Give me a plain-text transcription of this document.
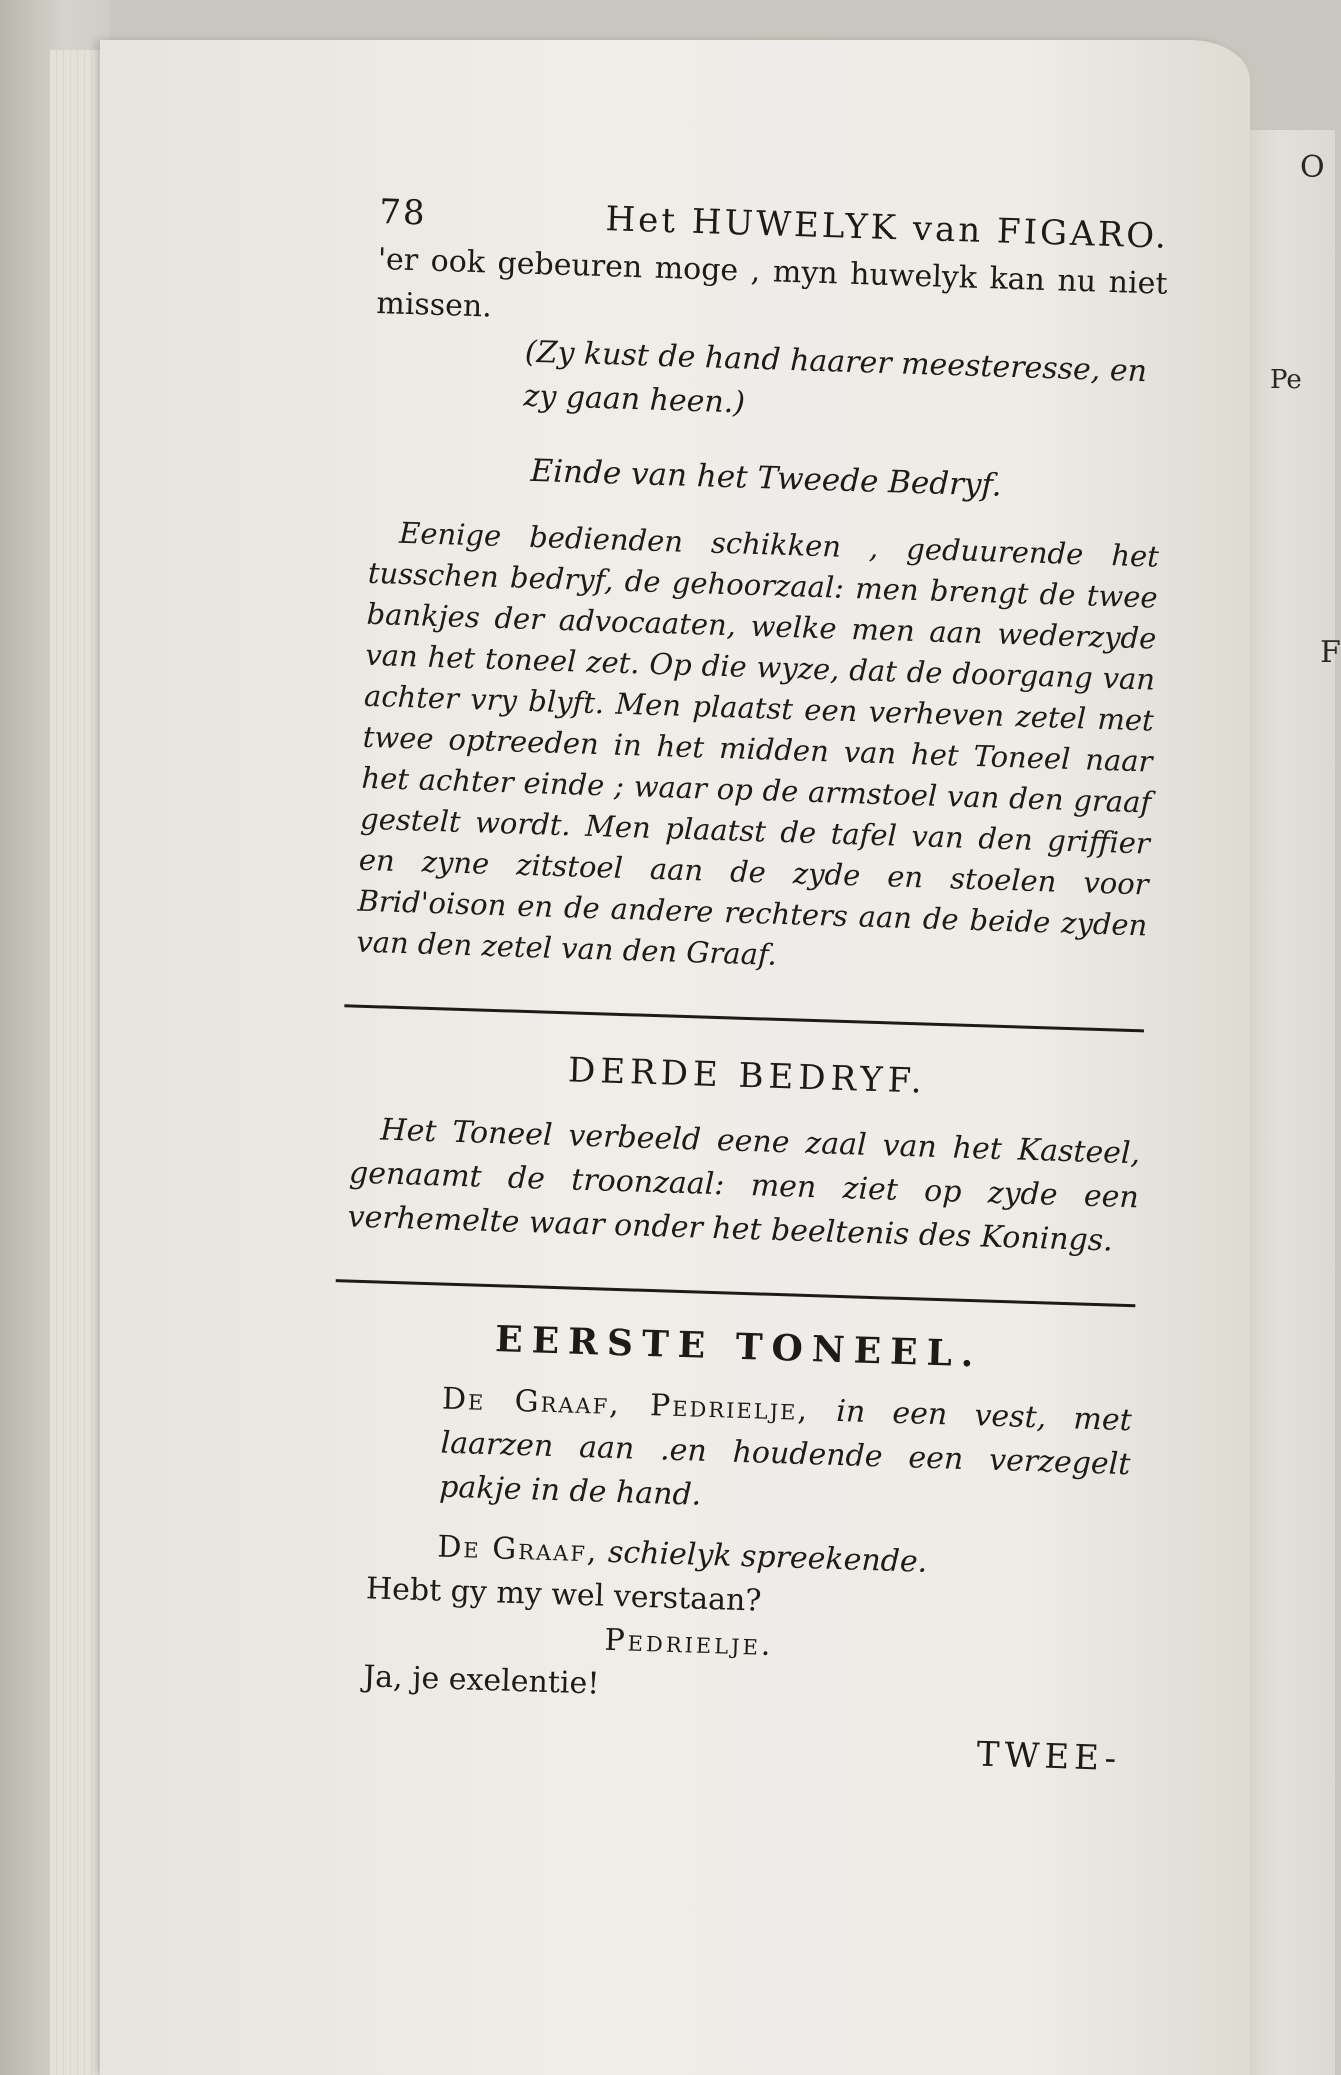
O
Pe
F
78	Het HUWELYK van FIGARO.

'er ook gebeuren moge , myn huwelyk kan nu niet missen.

(Zy kust de hand haarer meesteresse, en zy gaan heen.)

Einde van het Tweede Bedryf.

Eenige bedienden schikken , geduurende het tusschen bedryf, de gehoorzaal: men brengt de twee bankjes der advocaaten, welke men aan wederzyde van het toneel zet. Op die wyze, dat de doorgang van achter vry blyft. Men plaatst een verheven zetel met twee optreeden in het midden van het Toneel naar het achter einde ; waar op de armstoel van den graaf gestelt wordt. Men plaatst de tafel van den griffier en zyne zitstoel aan de zyde en stoelen voor Brid'oison en de andere rechters aan de beide zyden van den zetel van den Graaf.

DERDE BEDRYF.

Het Toneel verbeeld eene zaal van het Kasteel, genaamt de troonzaal: men ziet op zyde een verhemelte waar onder het beeltenis des Konings.

EERSTE TONEEL.

De Graaf, Pedrielje, in een vest, met laarzen aan .en houdende een verzegelt pakje in de hand.

De Graaf, schielyk spreekende.

Hebt gy my wel verstaan?

Pedrielje.

Ja, je exelentie!

TWEE-
